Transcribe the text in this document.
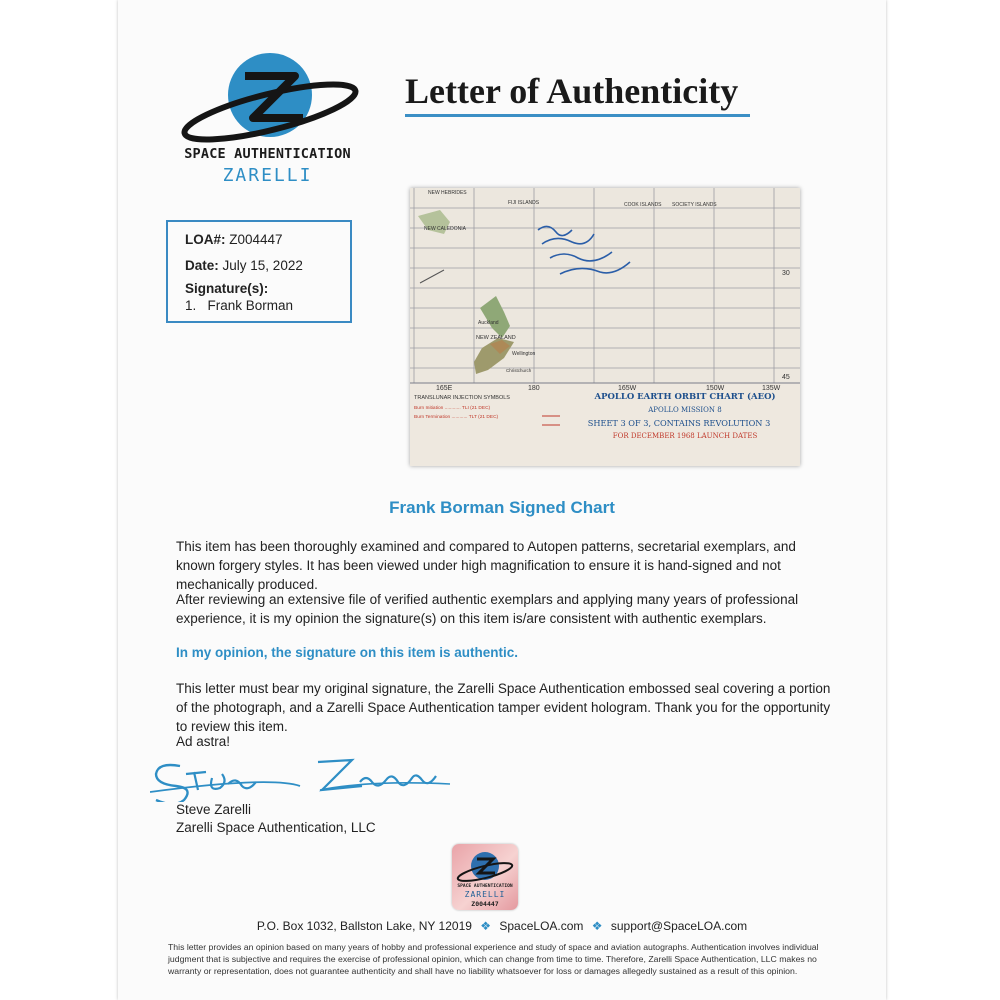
SPACE AUTHENTICATION
ZARELLI
Letter of Authenticity
LOA#: Z004447
Date: July 15, 2022
Signature(s):
1.   Frank Borman
NEW HEBRIDES
FIJI ISLANDS	COOK ISLANDS SOCIETY ISLANDS
NEW CALEDONIA
Auckland
NEW ZEALAND
Wellington
Christchurch
30
45
165E	180	165W	150W	135W
TRANSLUNAR INJECTION SYMBOLS
Burn Initiation ............ TLI (21 DEC)
Burn Termination ............ TLT (21 DEC)
APOLLO EARTH ORBIT CHART (AEO)
APOLLO MISSION 8
SHEET 3 OF 3, CONTAINS REVOLUTION 3
FOR DECEMBER 1968 LAUNCH DATES
Frank Borman Signed Chart
This item has been thoroughly examined and compared to Autopen patterns, secretarial exemplars, and known forgery styles. It has been viewed under high magnification to ensure it is hand-signed and not mechanically produced.
After reviewing an extensive file of verified authentic exemplars and applying many years of professional experience, it is my opinion the signature(s) on this item is/are consistent with authentic exemplars.
In my opinion, the signature on this item is authentic.
This letter must bear my original signature, the Zarelli Space Authentication embossed seal covering a portion of the photograph, and a Zarelli Space Authentication tamper evident hologram. Thank you for the opportunity to review this item.
Ad astra!
Steve Zarelli
Zarelli Space Authentication, LLC
SPACE AUTHENTICATION
ZARELLI
Z004447
P.O. Box 1032, Ballston Lake, NY 12019 ❖ SpaceLOA.com ❖ support@SpaceLOA.com
This letter provides an opinion based on many years of hobby and professional experience and study of space and aviation autographs. Authentication involves individual judgment that is subjective and requires the exercise of professional opinion, which can change from time to time. Therefore, Zarelli Space Authentication, LLC makes no warranty or representation, does not guarantee authenticity and shall have no liability whatsoever for loss or damages allegedly sustained as a result of this opinion.
